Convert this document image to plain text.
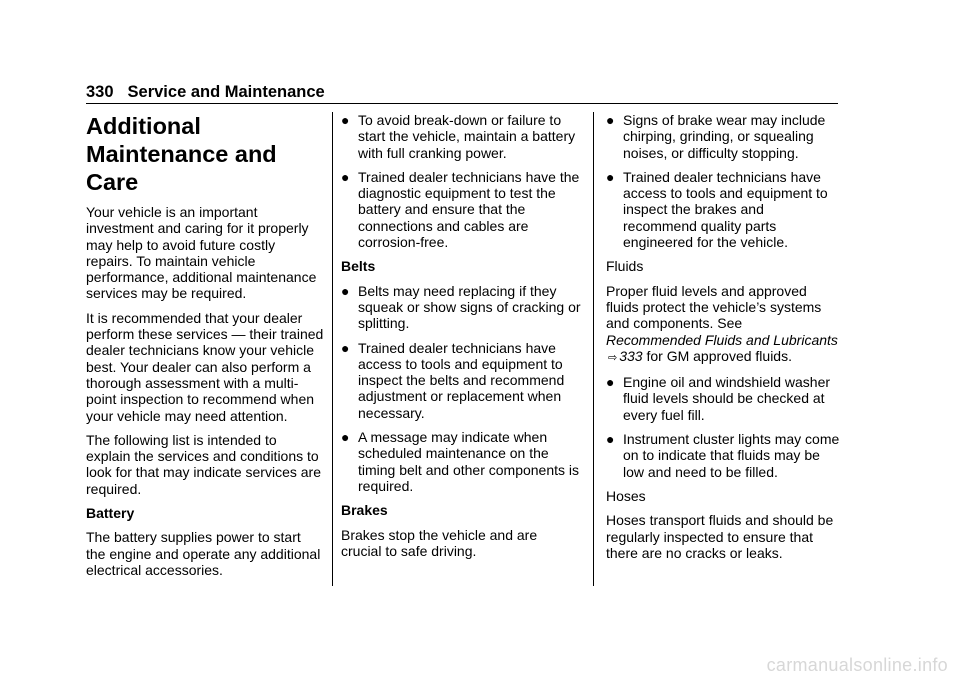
330 Service and Maintenance
Additional Maintenance and Care

Your vehicle is an important investment and caring for it properly may help to avoid future costly repairs. To maintain vehicle performance, additional maintenance services may be required.

It is recommended that your dealer perform these services — their trained dealer technicians know your vehicle best. Your dealer can also perform a thorough assessment with a multi-point inspection to recommend when your vehicle may need attention.

The following list is intended to explain the services and conditions to look for that may indicate services are required.

Battery

The battery supplies power to start the engine and operate any additional electrical accessories.

● To avoid break-down or failure to start the vehicle, maintain a battery with full cranking power.
● Trained dealer technicians have the diagnostic equipment to test the battery and ensure that the connections and cables are corrosion-free.
Belts
● Belts may need replacing if they squeak or show signs of cracking or splitting.
● Trained dealer technicians have access to tools and equipment to inspect the belts and recommend adjustment or replacement when necessary.
● A message may indicate when scheduled maintenance on the timing belt and other components is required.
Brakes

Brakes stop the vehicle and are crucial to safe driving.

● Signs of brake wear may include chirping, grinding, or squealing noises, or difficulty stopping.
● Trained dealer technicians have access to tools and equipment to inspect the brakes and recommend quality parts engineered for the vehicle.
Fluids

Proper fluid levels and approved fluids protect the vehicle’s systems and components. See Recommended Fluids and Lubricants⇨ 333 for GM approved fluids.

● Engine oil and windshield washer fluid levels should be checked at every fuel fill.
● Instrument cluster lights may come on to indicate that fluids may be low and need to be filled.
Hoses

Hoses transport fluids and should be regularly inspected to ensure that there are no cracks or leaks.

carmanualsonline.info
